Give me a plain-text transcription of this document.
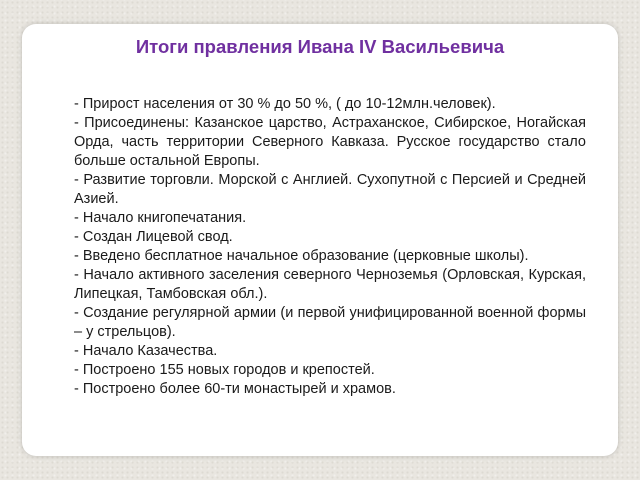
Итоги правления Ивана IV Васильевича

- Прирост населения от 30 % до 50 %, ( до 10-12млн.человек).

- Присоединены: Казанское царство, Астраханское, Сибирское, Ногайская Орда, часть территории Северного Кавказа. Русское государство стало больше остальной Европы.

- Развитие торговли. Морской с Англией. Сухопутной с Персией и Средней Азией.

- Начало книгопечатания.

- Создан Лицевой свод.

- Введено бесплатное начальное образование (церковные школы).

- Начало активного заселения северного Черноземья (Орловская, Курская, Липецкая, Тамбовская обл.).

- Создание регулярной армии (и первой унифицированной военной формы – у стрельцов).

- Начало Казачества.

- Построено 155 новых городов и крепостей.

- Построено более 60-ти монастырей и храмов.
